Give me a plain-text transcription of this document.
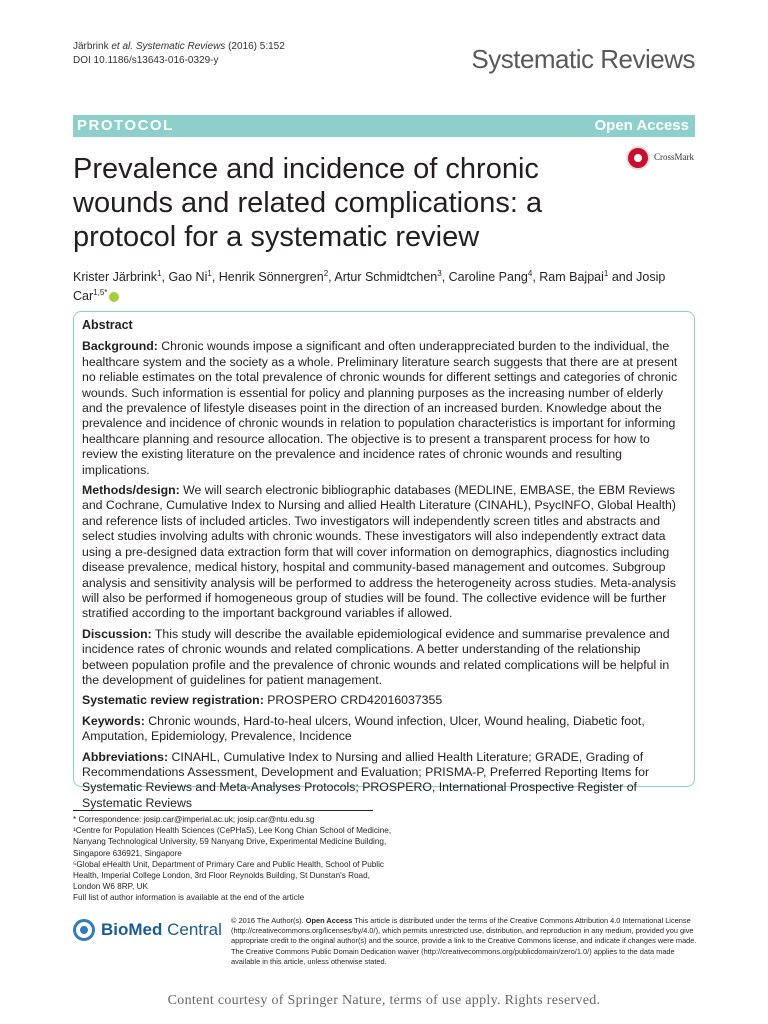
Järbrink et al. Systematic Reviews (2016) 5:152
DOI 10.1186/s13643-016-0329-y	Systematic Reviews
PROTOCOL	Open Access
Prevalence and incidence of chronic wounds and related complications: a protocol for a systematic review
CrossMark
Krister Järbrink$^1$, Gao Ni$^1$, Henrik Sönnergren$^2$, Artur Schmidtchen$^3$, Caroline Pang$^4$, Ram Bajpai$^1$ and Josip Car$^{1,5*}$
Abstract

Background: Chronic wounds impose a significant and often underappreciated burden to the individual, the healthcare system and the society as a whole. Preliminary literature search suggests that there are at present no reliable estimates on the total prevalence of chronic wounds for different settings and categories of chronic wounds. Such information is essential for policy and planning purposes as the increasing number of elderly and the prevalence of lifestyle diseases point in the direction of an increased burden. Knowledge about the prevalence and incidence of chronic wounds in relation to population characteristics is important for informing healthcare planning and resource allocation. The objective is to present a transparent process for how to review the existing literature on the prevalence and incidence rates of chronic wounds and resulting implications.

Methods/design: We will search electronic bibliographic databases (MEDLINE, EMBASE, the EBM Reviews and Cochrane, Cumulative Index to Nursing and allied Health Literature (CINAHL), PsycINFO, Global Health) and reference lists of included articles. Two investigators will independently screen titles and abstracts and select studies involving adults with chronic wounds. These investigators will also independently extract data using a pre-designed data extraction form that will cover information on demographics, diagnostics including disease prevalence, medical history, hospital and community-based management and outcomes. Subgroup analysis and sensitivity analysis will be performed to address the heterogeneity across studies. Meta-analysis will also be performed if homogeneous group of studies will be found. The collective evidence will be further stratified according to the important background variables if allowed.

Discussion: This study will describe the available epidemiological evidence and summarise prevalence and incidence rates of chronic wounds and related complications. A better understanding of the relationship between population profile and the prevalence of chronic wounds and related complications will be helpful in the development of guidelines for patient management.

Systematic review registration: PROSPERO CRD42016037355

Keywords: Chronic wounds, Hard-to-heal ulcers, Wound infection, Ulcer, Wound healing, Diabetic foot, Amputation, Epidemiology, Prevalence, Incidence

Abbreviations: CINAHL, Cumulative Index to Nursing and allied Health Literature; GRADE, Grading of Recommendations Assessment, Development and Evaluation; PRISMA-P, Preferred Reporting Items for Systematic Reviews and Meta-Analyses Protocols; PROSPERO, International Prospective Register of Systematic Reviews

* Correspondence: josip.car@imperial.ac.uk; josip.car@ntu.edu.sg

¹Centre for Population Health Sciences (CePHaS), Lee Kong Chian School of Medicine, Nanyang Technological University, 59 Nanyang Drive, Experimental Medicine Building, Singapore 636921, Singapore

⁵Global eHealth Unit, Department of Primary Care and Public Health, School of Public Health, Imperial College London, 3rd Floor Reynolds Building, St Dunstan's Road, London W6 8RP, UK

Full list of author information is available at the end of the article

BioMed Central © 2016 The Author(s). Open Access This article is distributed under the terms of the Creative Commons Attribution 4.0 International License (http://creativecommons.org/licenses/by/4.0/), which permits unrestricted use, distribution, and reproduction in any medium, provided you give appropriate credit to the original author(s) and the source, provide a link to the Creative Commons license, and indicate if changes were made. The Creative Commons Public Domain Dedication waiver (http://creativecommons.org/publicdomain/zero/1.0/) applies to the data made available in this article, unless otherwise stated.
Content courtesy of Springer Nature, terms of use apply. Rights reserved.
